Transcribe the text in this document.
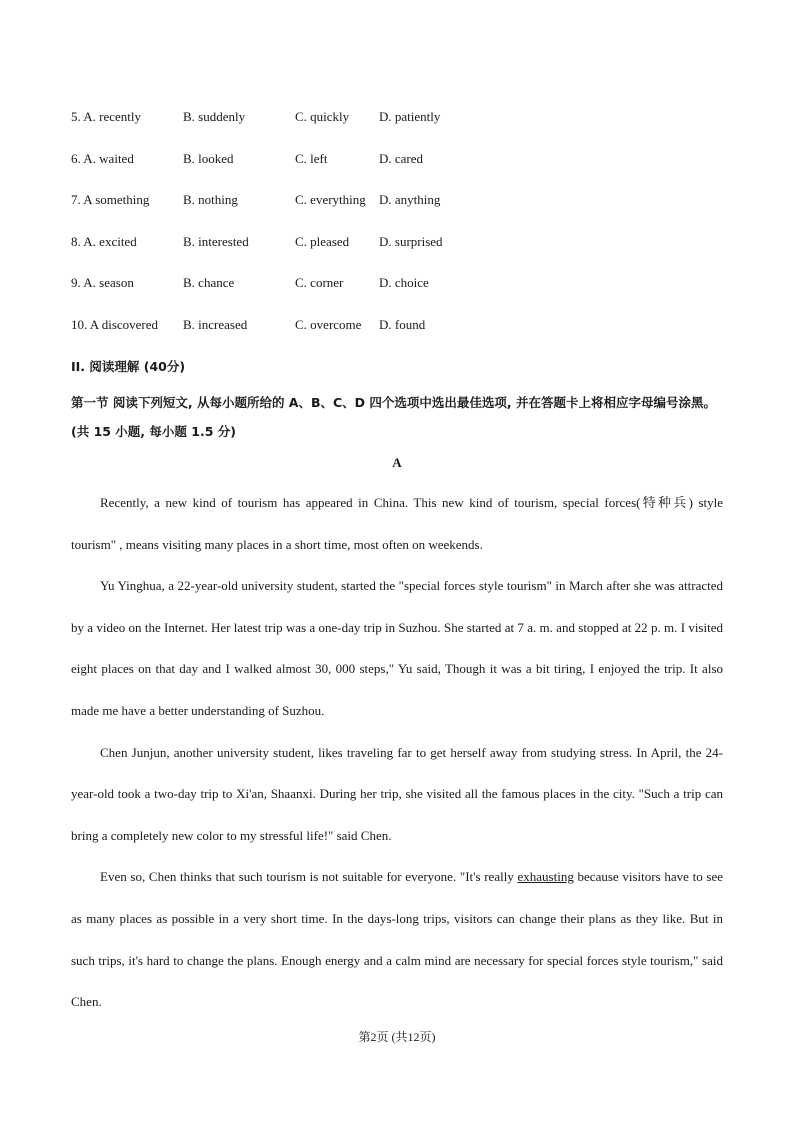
5. A. recently	B. suddenly	C. quickly D. patiently
6. A. waited	B. looked	C. left	D. cared
7. A something	B. nothing	C. everything D. anything
8. A. excited	B. interested	C. pleased D. surprised
9. A. season	B. chance	C. corner	D. choice
10. A discovered B. increased	C. overcome D. found
II. 阅读理解 (40分)

第一节 阅读下列短文, 从每小题所给的 A、B、C、D 四个选项中选出最佳选项, 并在答题卡上将相应字母编号涂黑。 (共 15 小题, 每小题 1.5 分)

A

Recently, a new kind of tourism has appeared in China. This new kind of tourism, special forces(特种兵) style tourism" , means visiting many places in a short time, most often on weekends.

Yu Yinghua, a 22-year-old university student, started the "special forces style tourism" in March after she was attracted by a video on the Internet. Her latest trip was a one-day trip in Suzhou. She started at 7 a. m. and stopped at 22 p. m. I visited eight places on that day and I walked almost 30, 000 steps," Yu said, Though it was a bit tiring, I enjoyed the trip. It also made me have a better understanding of Suzhou.

Chen Junjun, another university student, likes traveling far to get herself away from studying stress. In April, the 24-year-old took a two-day trip to Xi'an, Shaanxi. During her trip, she visited all the famous places in the city. "Such a trip can bring a completely new color to my stressful life!" said Chen.

Even so, Chen thinks that such tourism is not suitable for everyone. "It's really exhausting because visitors have to see as many places as possible in a very short time. In the days-long trips, visitors can change their plans as they like. But in such trips, it's hard to change the plans. Enough energy and a calm mind are necessary for special forces style tourism," said Chen.

第2页 (共12页)
